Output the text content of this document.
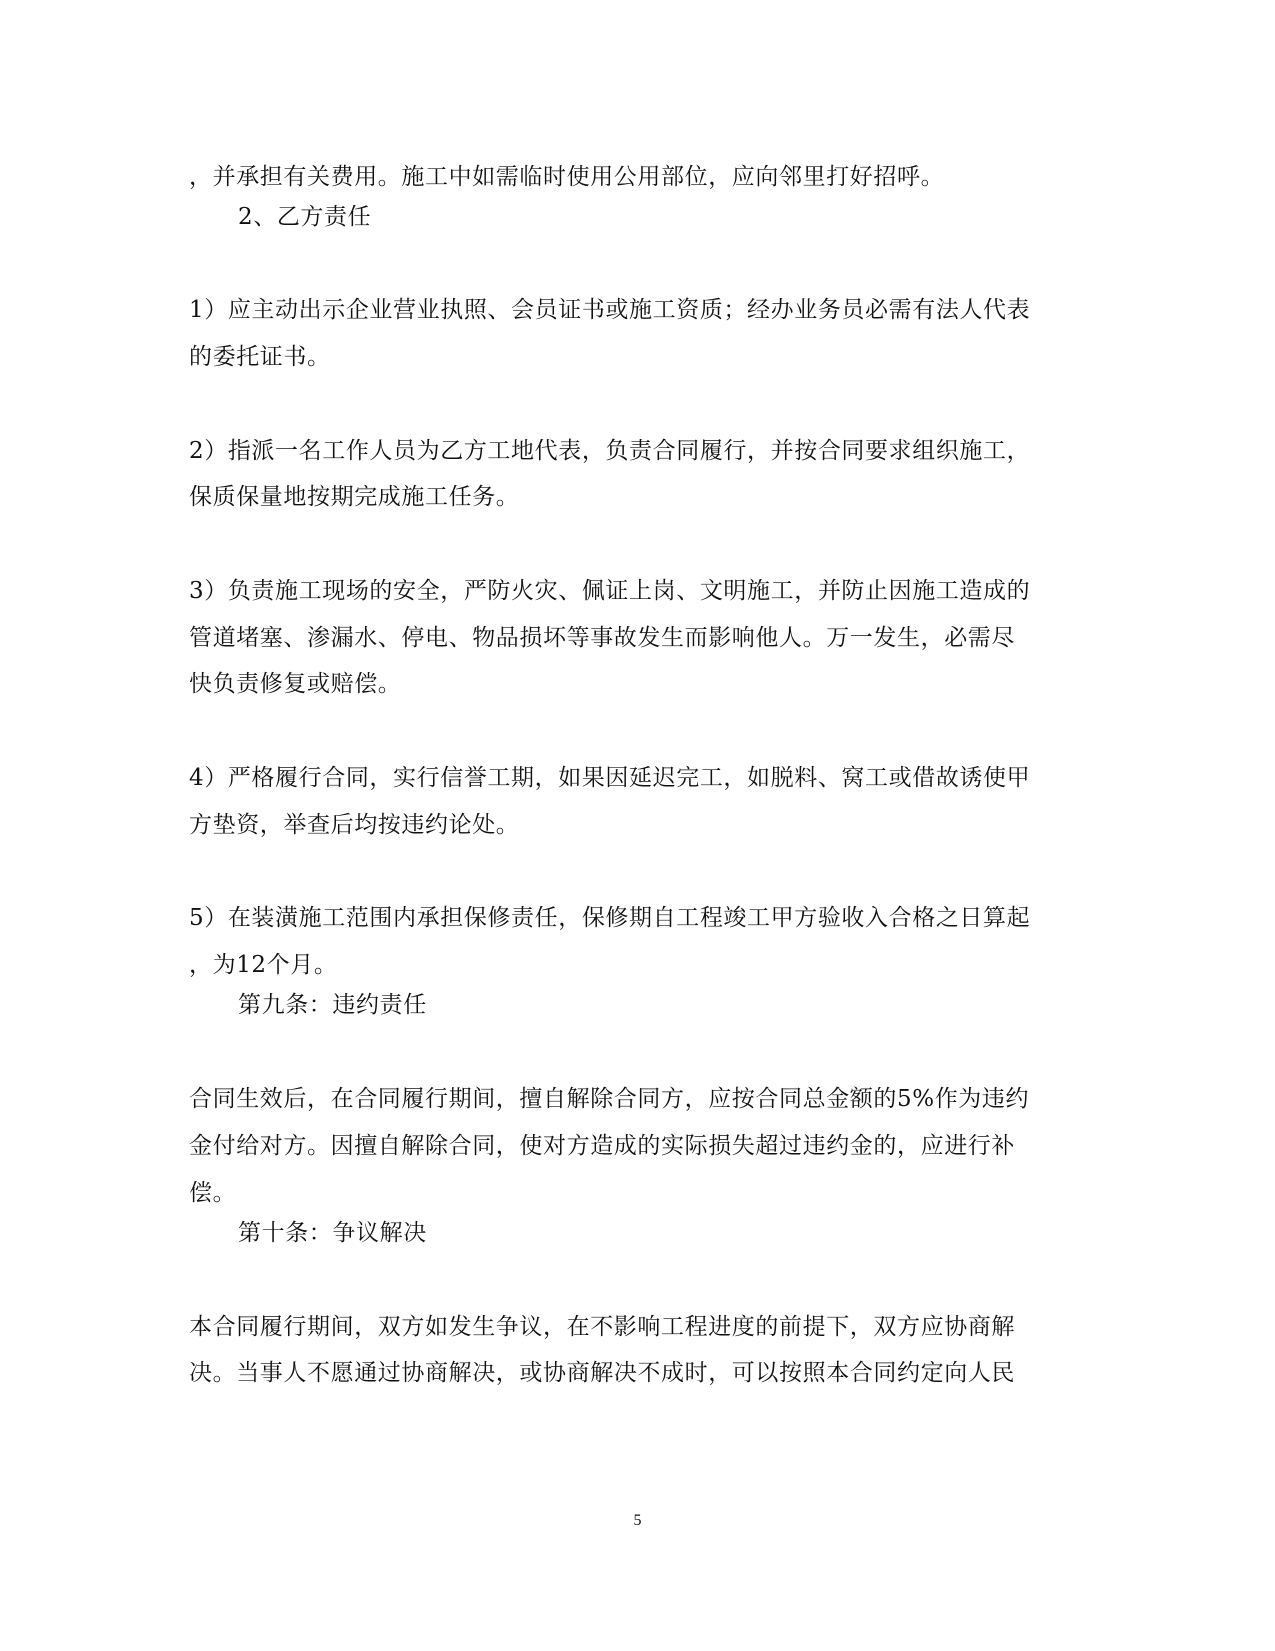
，并承担有关费用。施工中如需临时使用公用部位，应向邻里打好招呼。
2、乙方责任
1）应主动出示企业营业执照、会员证书或施工资质；经办业务员必需有法人代表
的委托证书。
2）指派一名工作人员为乙方工地代表，负责合同履行，并按合同要求组织施工，
保质保量地按期完成施工任务。
3）负责施工现场的安全，严防火灾、佩证上岗、文明施工，并防止因施工造成的
管道堵塞、渗漏水、停电、物品损坏等事故发生而影响他人。万一发生，必需尽
快负责修复或赔偿。
4）严格履行合同，实行信誉工期，如果因延迟完工，如脱料、窝工或借故诱使甲
方垫资，举查后均按违约论处。
5）在装潢施工范围内承担保修责任，保修期自工程竣工甲方验收入合格之日算起
，为12个月。
第九条：违约责任
合同生效后，在合同履行期间，擅自解除合同方，应按合同总金额的5%作为违约
金付给对方。因擅自解除合同，使对方造成的实际损失超过违约金的，应进行补
偿。
第十条：争议解决
本合同履行期间，双方如发生争议，在不影响工程进度的前提下，双方应协商解
决。当事人不愿通过协商解决，或协商解决不成时，可以按照本合同约定向人民
5
